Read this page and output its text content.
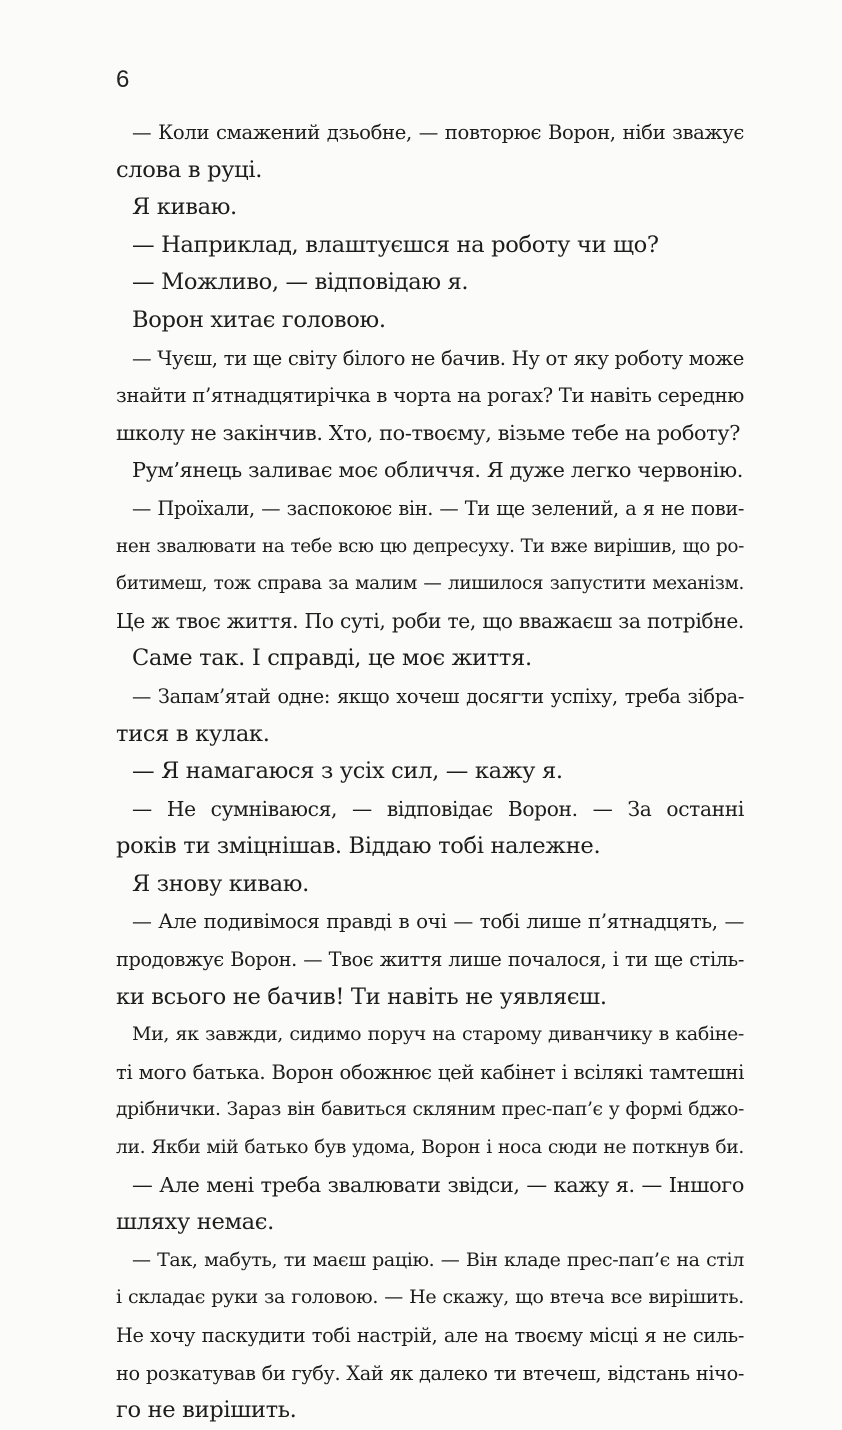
6
— Коли смажений дзьобне, — повторює Ворон, ніби зважує
слова в руці.
Я киваю.
— Наприклад, влаштуєшся на роботу чи що?
— Можливо, — відповідаю я.
Ворон хитає головою.
— Чуєш, ти ще світу білого не бачив. Ну от яку роботу може
знайти п’ятнадцятирічка в чорта на рогах? Ти навіть середню
школу не закінчив. Хто, по-твоєму, візьме тебе на роботу?
Рум’янець заливає моє обличчя. Я дуже легко червонію.
— Проїхали, — заспокоює він. — Ти ще зелений, а я не пови-
нен звалювати на тебе всю цю депресуху. Ти вже вирішив, що ро-
битимеш, тож справа за малим — лишилося запустити механізм.
Це ж твоє життя. По суті, роби те, що вважаєш за потрібне.
Саме так. І справді, це моє життя.
— Запам’ятай одне: якщо хочеш досягти успіху, треба зібра-
тися в кулак.
— Я намагаюся з усіх сил, — кажу я.
— Не сумніваюся, — відповідає Ворон. — За останні
років ти зміцнішав. Віддаю тобі належне.
Я знову киваю.
— Але подивімося правді в очі — тобі лише п’ятнадцять, —
продовжує Ворон. — Твоє життя лише почалося, і ти ще стіль-
ки всього не бачив! Ти навіть не уявляєш.
Ми, як завжди, сидимо поруч на старому диванчику в кабіне-
ті мого батька. Ворон обожнює цей кабінет і всілякі тамтешні
дрібнички. Зараз він бавиться скляним прес-пап’є у формі бджо-
ли. Якби мій батько був удома, Ворон і носа сюди не поткнув би.
— Але мені треба звалювати звідси, — кажу я. — Іншого
шляху немає.
— Так, мабуть, ти маєш рацію. — Він кладе прес-пап’є на стіл
і складає руки за головою. — Не скажу, що втеча все вирішить.
Не хочу паскудити тобі настрій, але на твоєму місці я не силь-
но розкатував би губу. Хай як далеко ти втечеш, відстань нічо-
го не вирішить.
